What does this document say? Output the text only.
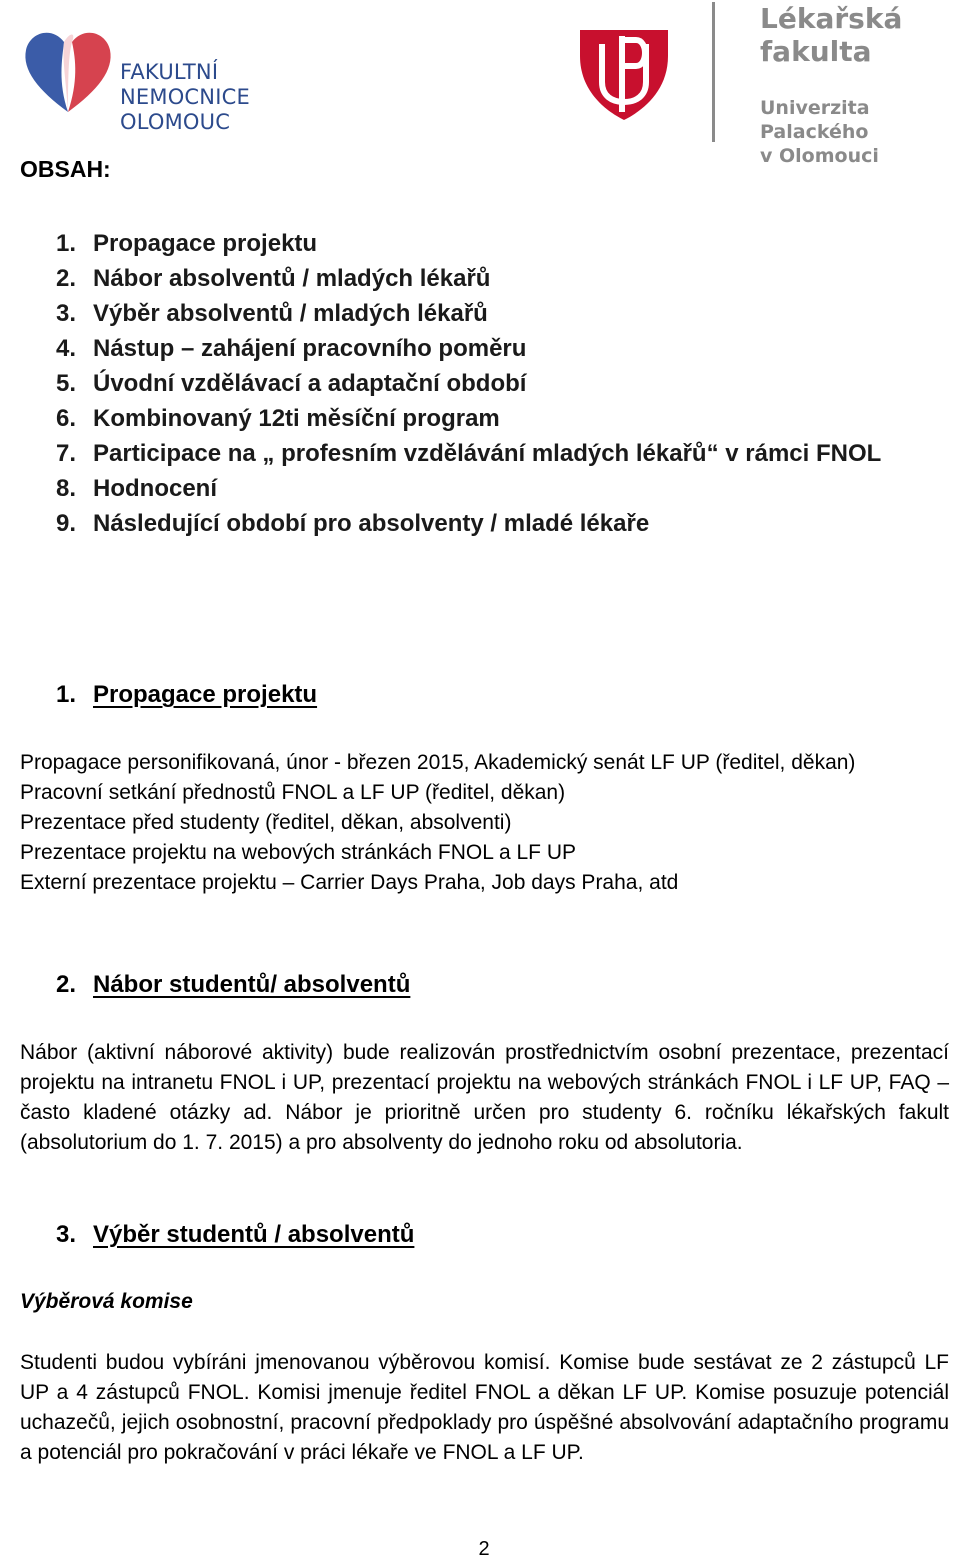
FAKULTNÍ NEMOCNICE
OLOMOUC
Lékařská
fakulta
Univerzita Palackého
v Olomouci
OBSAH:
1. Propagace projektu
2. Nábor absolventů / mladých lékařů
3. Výběr absolventů / mladých lékařů
4. Nástup – zahájení pracovního poměru
5. Úvodní vzdělávací a adaptační období
6. Kombinovaný 12ti měsíční program
7. Participace na „ profesním vzdělávání mladých lékařů“ v rámci FNOL
8. Hodnocení
9. Následující období pro absolventy / mladé lékaře
1. Propagace projektu
Propagace personifikovaná, únor - březen 2015, Akademický senát LF UP (ředitel, děkan)
Pracovní setkání přednostů FNOL a LF UP (ředitel, děkan)
Prezentace před studenty (ředitel, děkan, absolventi)
Prezentace projektu na webových stránkách FNOL a LF UP
Externí prezentace projektu – Carrier Days Praha, Job days Praha, atd
2. Nábor studentů/ absolventů
Nábor (aktivní náborové aktivity) bude realizován prostřednictvím osobní prezentace, prezentací projektu na intranetu FNOL i UP, prezentací projektu na webových stránkách FNOL i LF UP, FAQ – často kladené otázky ad. Nábor je prioritně určen pro studenty 6. ročníku lékařských fakult (absolutorium do 1. 7. 2015) a pro absolventy do jednoho roku od absolutoria.
3. Výběr studentů / absolventů
Výběrová komise
Studenti budou vybíráni jmenovanou výběrovou komisí. Komise bude sestávat ze 2 zástupců LF UP a 4 zástupců FNOL. Komisi jmenuje ředitel FNOL a děkan LF UP. Komise posuzuje potenciál uchazečů, jejich osobnostní, pracovní předpoklady pro úspěšné absolvování adaptačního programu a potenciál pro pokračování v práci lékaře ve FNOL a LF UP.
2
